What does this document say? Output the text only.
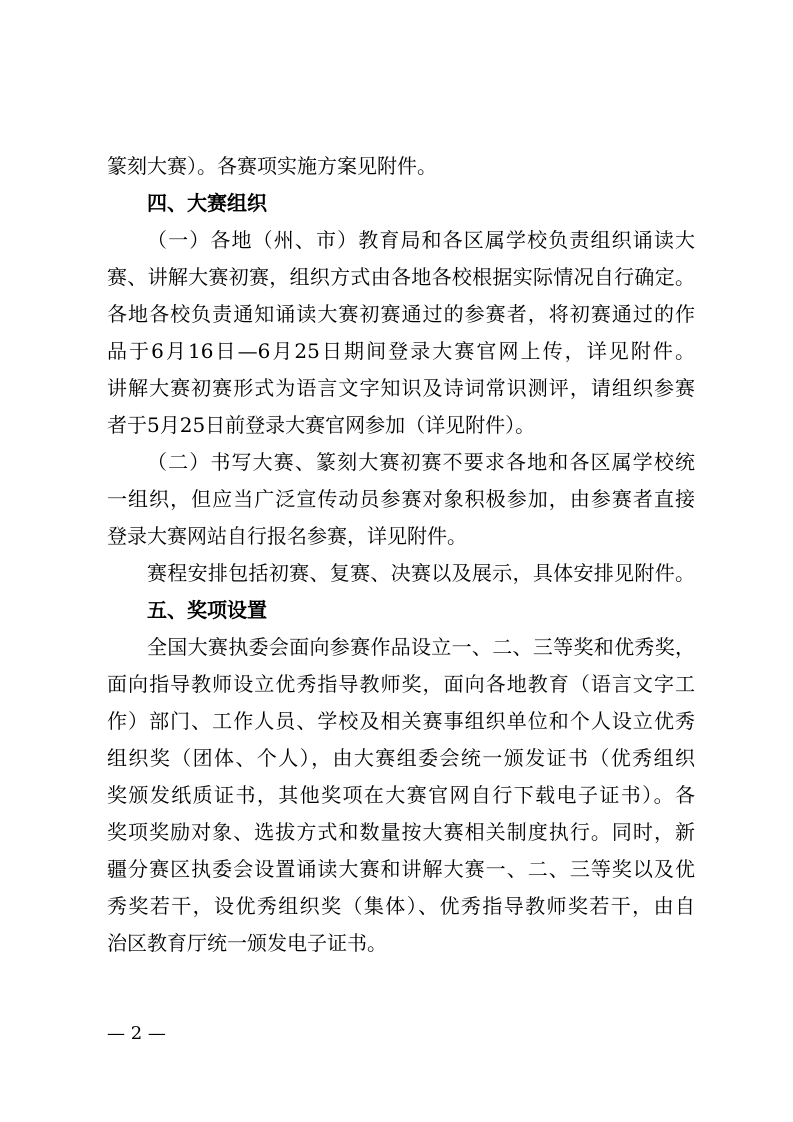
篆刻大赛）。各赛项实施方案见附件。
四、大赛组织
（一）各地（州、市）教育局和各区属学校负责组织诵读大
赛、讲解大赛初赛，组织方式由各地各校根据实际情况自行确定。
各地各校负责通知诵读大赛初赛通过的参赛者，将初赛通过的作
品于6月16日—6月25日期间登录大赛官网上传，详见附件。
讲解大赛初赛形式为语言文字知识及诗词常识测评，请组织参赛
者于5月25日前登录大赛官网参加（详见附件）。
（二）书写大赛、篆刻大赛初赛不要求各地和各区属学校统
一组织，但应当广泛宣传动员参赛对象积极参加，由参赛者直接
登录大赛网站自行报名参赛，详见附件。
赛程安排包括初赛、复赛、决赛以及展示，具体安排见附件。
五、奖项设置
全国大赛执委会面向参赛作品设立一、二、三等奖和优秀奖，
面向指导教师设立优秀指导教师奖，面向各地教育（语言文字工
作）部门、工作人员、学校及相关赛事组织单位和个人设立优秀
组织奖（团体、个人），由大赛组委会统一颁发证书（优秀组织
奖颁发纸质证书，其他奖项在大赛官网自行下载电子证书）。各
奖项奖励对象、选拔方式和数量按大赛相关制度执行。同时，新
疆分赛区执委会设置诵读大赛和讲解大赛一、二、三等奖以及优
秀奖若干，设优秀组织奖（集体）、优秀指导教师奖若干，由自
治区教育厅统一颁发电子证书。
— 2 —
